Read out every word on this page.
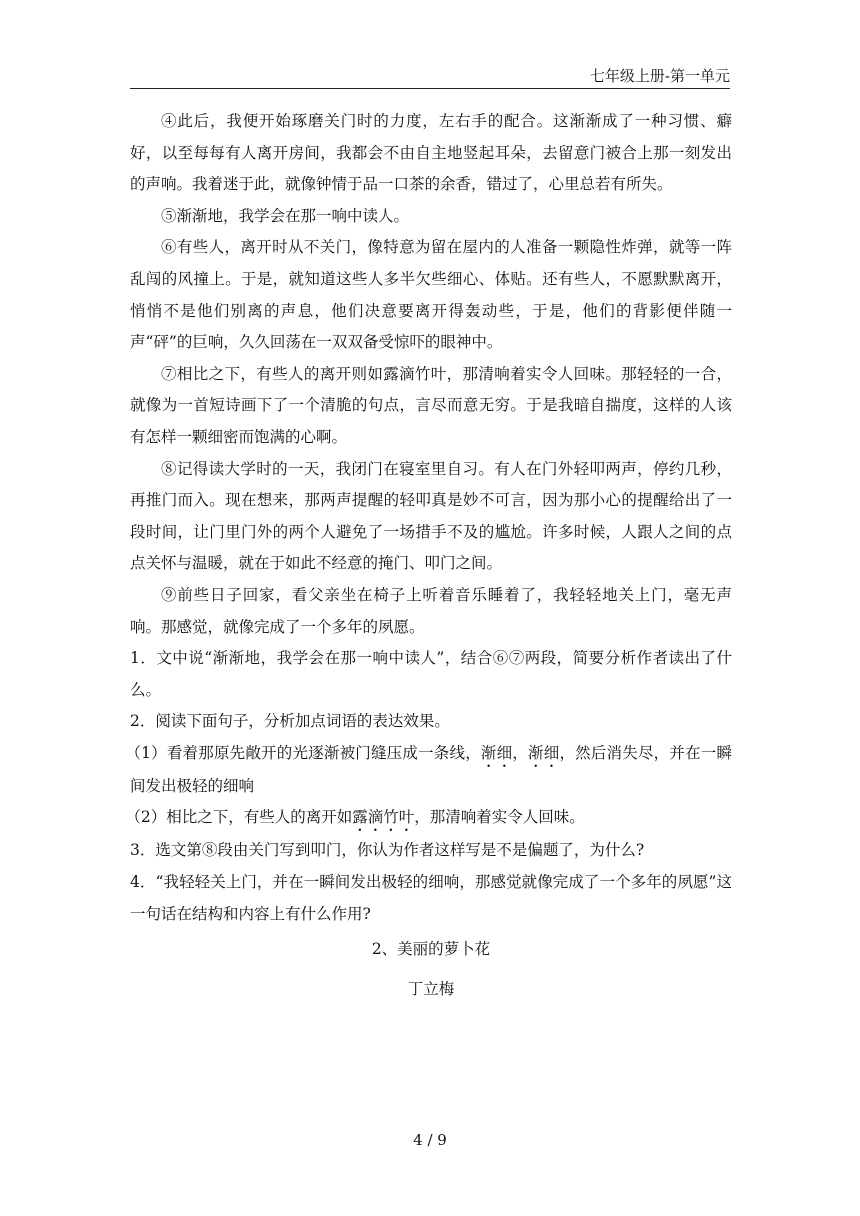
七年级上册-第一单元

④此后，我便开始琢磨关门时的力度，左右手的配合。这渐渐成了一种习惯、癖好，以至每每有人离开房间，我都会不由自主地竖起耳朵，去留意门被合上那一刻发出的声响。我着迷于此，就像钟情于品一口茶的余香，错过了，心里总若有所失。

⑤渐渐地，我学会在那一响中读人。

⑥有些人，离开时从不关门，像特意为留在屋内的人准备一颗隐性炸弹，就等一阵乱闯的风撞上。于是，就知道这些人多半欠些细心、体贴。还有些人，不愿默默离开，悄悄不是他们别离的声息，他们决意要离开得轰动些，于是，他们的背影便伴随一声“砰”的巨响，久久回荡在一双双备受惊吓的眼神中。

⑦相比之下，有些人的离开则如露滴竹叶，那清响着实令人回味。那轻轻的一合，就像为一首短诗画下了一个清脆的句点，言尽而意无穷。于是我暗自揣度，这样的人该有怎样一颗细密而饱满的心啊。

⑧记得读大学时的一天，我闭门在寝室里自习。有人在门外轻叩两声，停约几秒，再推门而入。现在想来，那两声提醒的轻叩真是妙不可言，因为那小心的提醒给出了一段时间，让门里门外的两个人避免了一场措手不及的尴尬。许多时候，人跟人之间的点点关怀与温暖，就在于如此不经意的掩门、叩门之间。

⑨前些日子回家，看父亲坐在椅子上听着音乐睡着了，我轻轻地关上门，毫无声响。那感觉，就像完成了一个多年的夙愿。

1．文中说“渐渐地，我学会在那一响中读人”，结合⑥⑦两段，简要分析作者读出了什么。

2．阅读下面句子，分析加点词语的表达效果。

（1）看着那原先敞开的光逐渐被门缝压成一条线，渐细，渐细，然后消失尽，并在一瞬间发出极轻的细响

（2）相比之下，有些人的离开如露滴竹叶，那清响着实令人回味。

3．选文第⑧段由关门写到叩门，你认为作者这样写是不是偏题了，为什么?

4．“我轻轻关上门，并在一瞬间发出极轻的细响，那感觉就像完成了一个多年的夙愿”这一句话在结构和内容上有什么作用?

2、美丽的萝卜花

丁立梅

4 / 9
